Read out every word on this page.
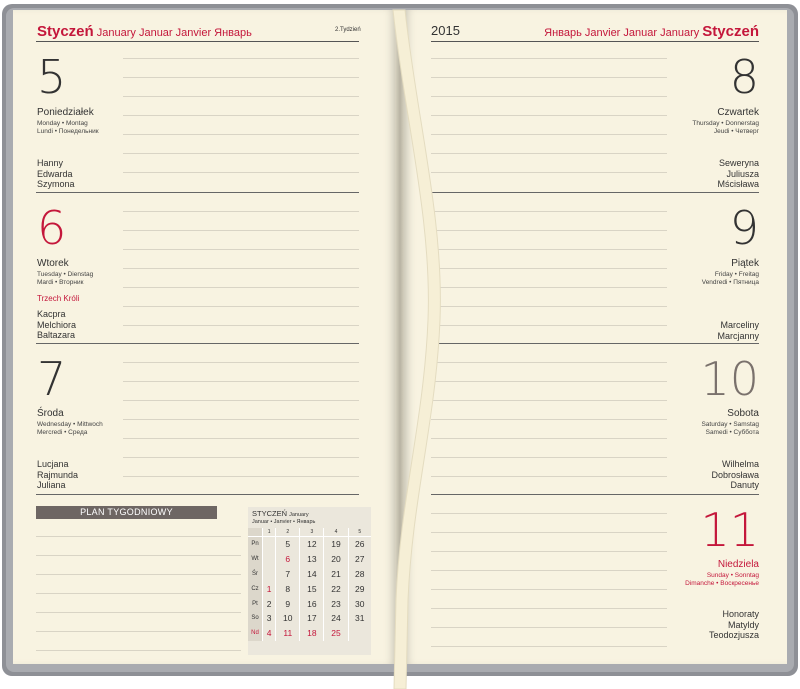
Styczeń January Januar Janvier Январь	2.Tydzień
5
Poniedziałek
Monday • Montag
Lundi • Понедельник
Hanny
Edwarda
Szymona
6
Wtorek
Tuesday • Dienstag
Mardi • Вторник
Trzech Króli
Kacpra
Melchiora
Baltazara
7
Środa
Wednesday • Mittwoch
Mercredi • Среда
Lucjana
Rajmunda
Juliana
PLAN TYGODNIOWY	STYCZEŃ January
Januar • Janvier • Январь
	1	2	3	4	5
Pn		5	12	19	26
Wt		6	13	20	27
Śr		7	14	21	28
Cz	1	8	15	22	29
Pt	2	9	16	23	30
So	3	10	17	24	31
Nd	4	11	18	25	
2015	Январь Janvier Januar January Styczeń
8
Czwartek
Thursday • Donnerstag
Jeudi • Четверг
Seweryna
Juliusza
Mścisława
9
Piątek
Friday • Freitag
Vendredi • Пятница
Marceliny
Marcjanny
10
Sobota
Saturday • Samstag
Samedi • Суббота
Wilhelma
Dobrosława
Danuty
11
Niedziela
Sunday • Sonntag
Dimanche • Воскресенье
Honoraty
Matyldy
Teodozjusza
